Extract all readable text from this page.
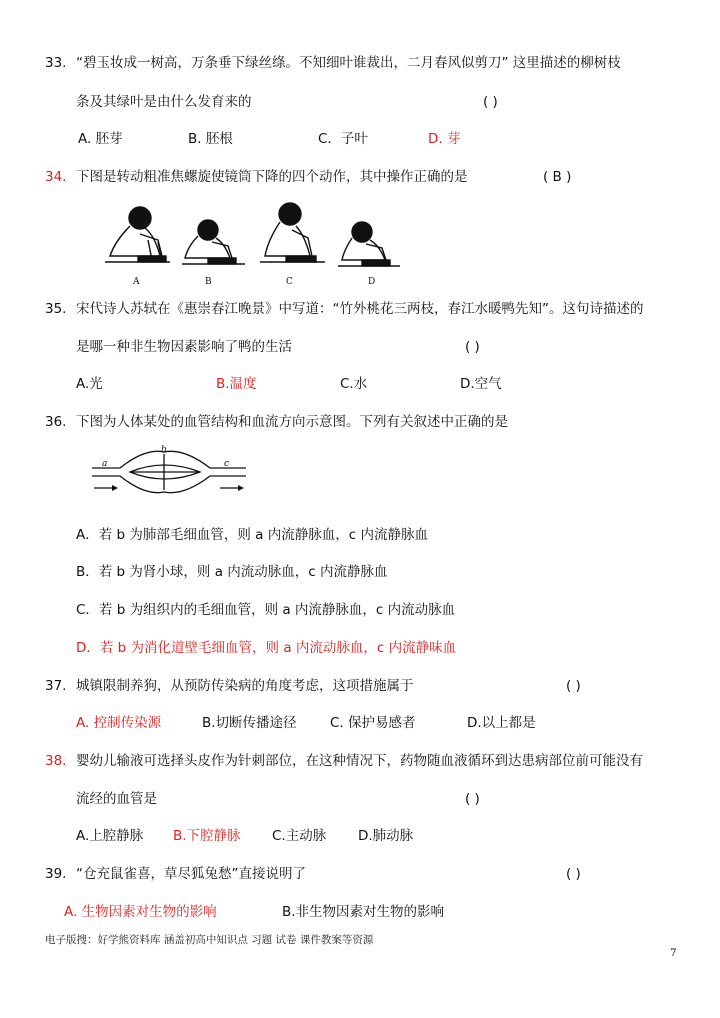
33. “碧玉妆成一树高，万条垂下绿丝绦。不知细叶谁裁出，二月春风似剪刀” 这里描述的柳树枝
条及其绿叶是由什么发育来的	( )
A. 胚芽	B. 胚根	C．子叶	D. 芽
34. 下图是转动粗准焦螺旋使镜筒下降的四个动作，其中操作正确的是	( B )
A	B	C	D
35. 宋代诗人苏轼在《惠崇春江晚景》中写道：“竹外桃花三两枝，春江水暖鸭先知”。这句诗描述的
是哪一种非生物因素影响了鸭的生活	( )
A.光	B.温度	C.水	D.空气
36. 下图为人体某处的血管结构和血流方向示意图。下列有关叙述中正确的是
a
b
c
A．若 b 为肺部毛细血管，则 a 内流静脉血，c 内流静脉血
B．若 b 为肾小球，则 a 内流动脉血，c 内流静脉血
C．若 b 为组织内的毛细血管，则 a 内流静脉血，c 内流动脉血
D．若 b 为消化道壁毛细血管，则 a 内流动脉血，c 内流静味血
37. 城镇限制养狗，从预防传染病的角度考虑，这项措施属于	( )
A. 控制传染源	B.切断传播途径 C. 保护易感者	D.以上都是
38. 婴幼儿输液可选择头皮作为针刺部位，在这种情况下，药物随血液循环到达患病部位前可能没有
流经的血管是	( )
A.上腔静脉 B.下腔静脉 C.主动脉 D.肺动脉
39. “仓充鼠雀喜，草尽狐兔愁”直接说明了	( )
A. 生物因素对生物的影响	B.非生物因素对生物的影响
电子版搜：好学熊资料库 涵盖初高中知识点 习题 试卷 课件教案等资源
7
